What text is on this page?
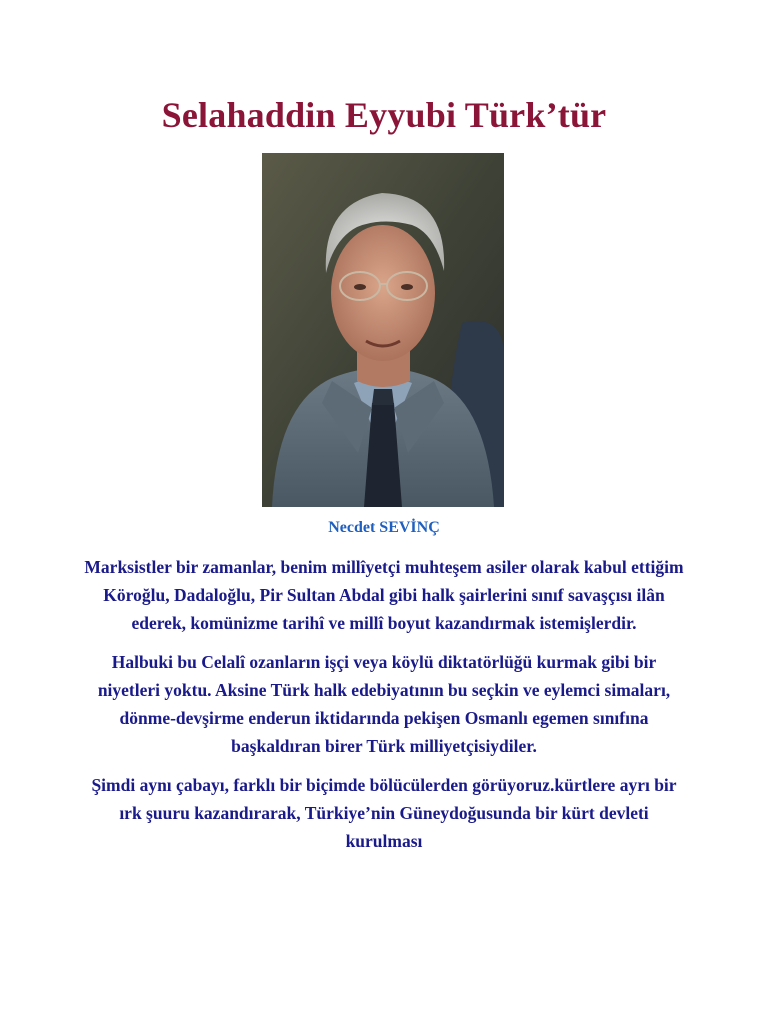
Selahaddin Eyyubi Türk’tür
Necdet SEVİNÇ

Marksistler bir zamanlar, benim millîyetçi muhteşem asiler olarak kabul ettiğim Köroğlu, Dadaloğlu, Pir Sultan Abdal gibi halk şairlerini sınıf savaşçısı ilân ederek, komünizme tarihî ve millî boyut kazandırmak istemişlerdir.

Halbuki bu Celalî ozanların işçi veya köylü diktatörlüğü kurmak gibi bir niyetleri yoktu. Aksine Türk halk edebiyatının bu seçkin ve eylemci simaları, dönme-devşirme enderun iktidarında pekişen Osmanlı egemen sınıfına başkaldıran birer Türk milliyetçisiydiler.

Şimdi aynı çabayı, farklı bir biçimde bölücülerden görüyoruz.kürtlere ayrı bir ırk şuuru kazandırarak, Türkiye’nin Güneydoğusunda bir kürt devleti kurulması
